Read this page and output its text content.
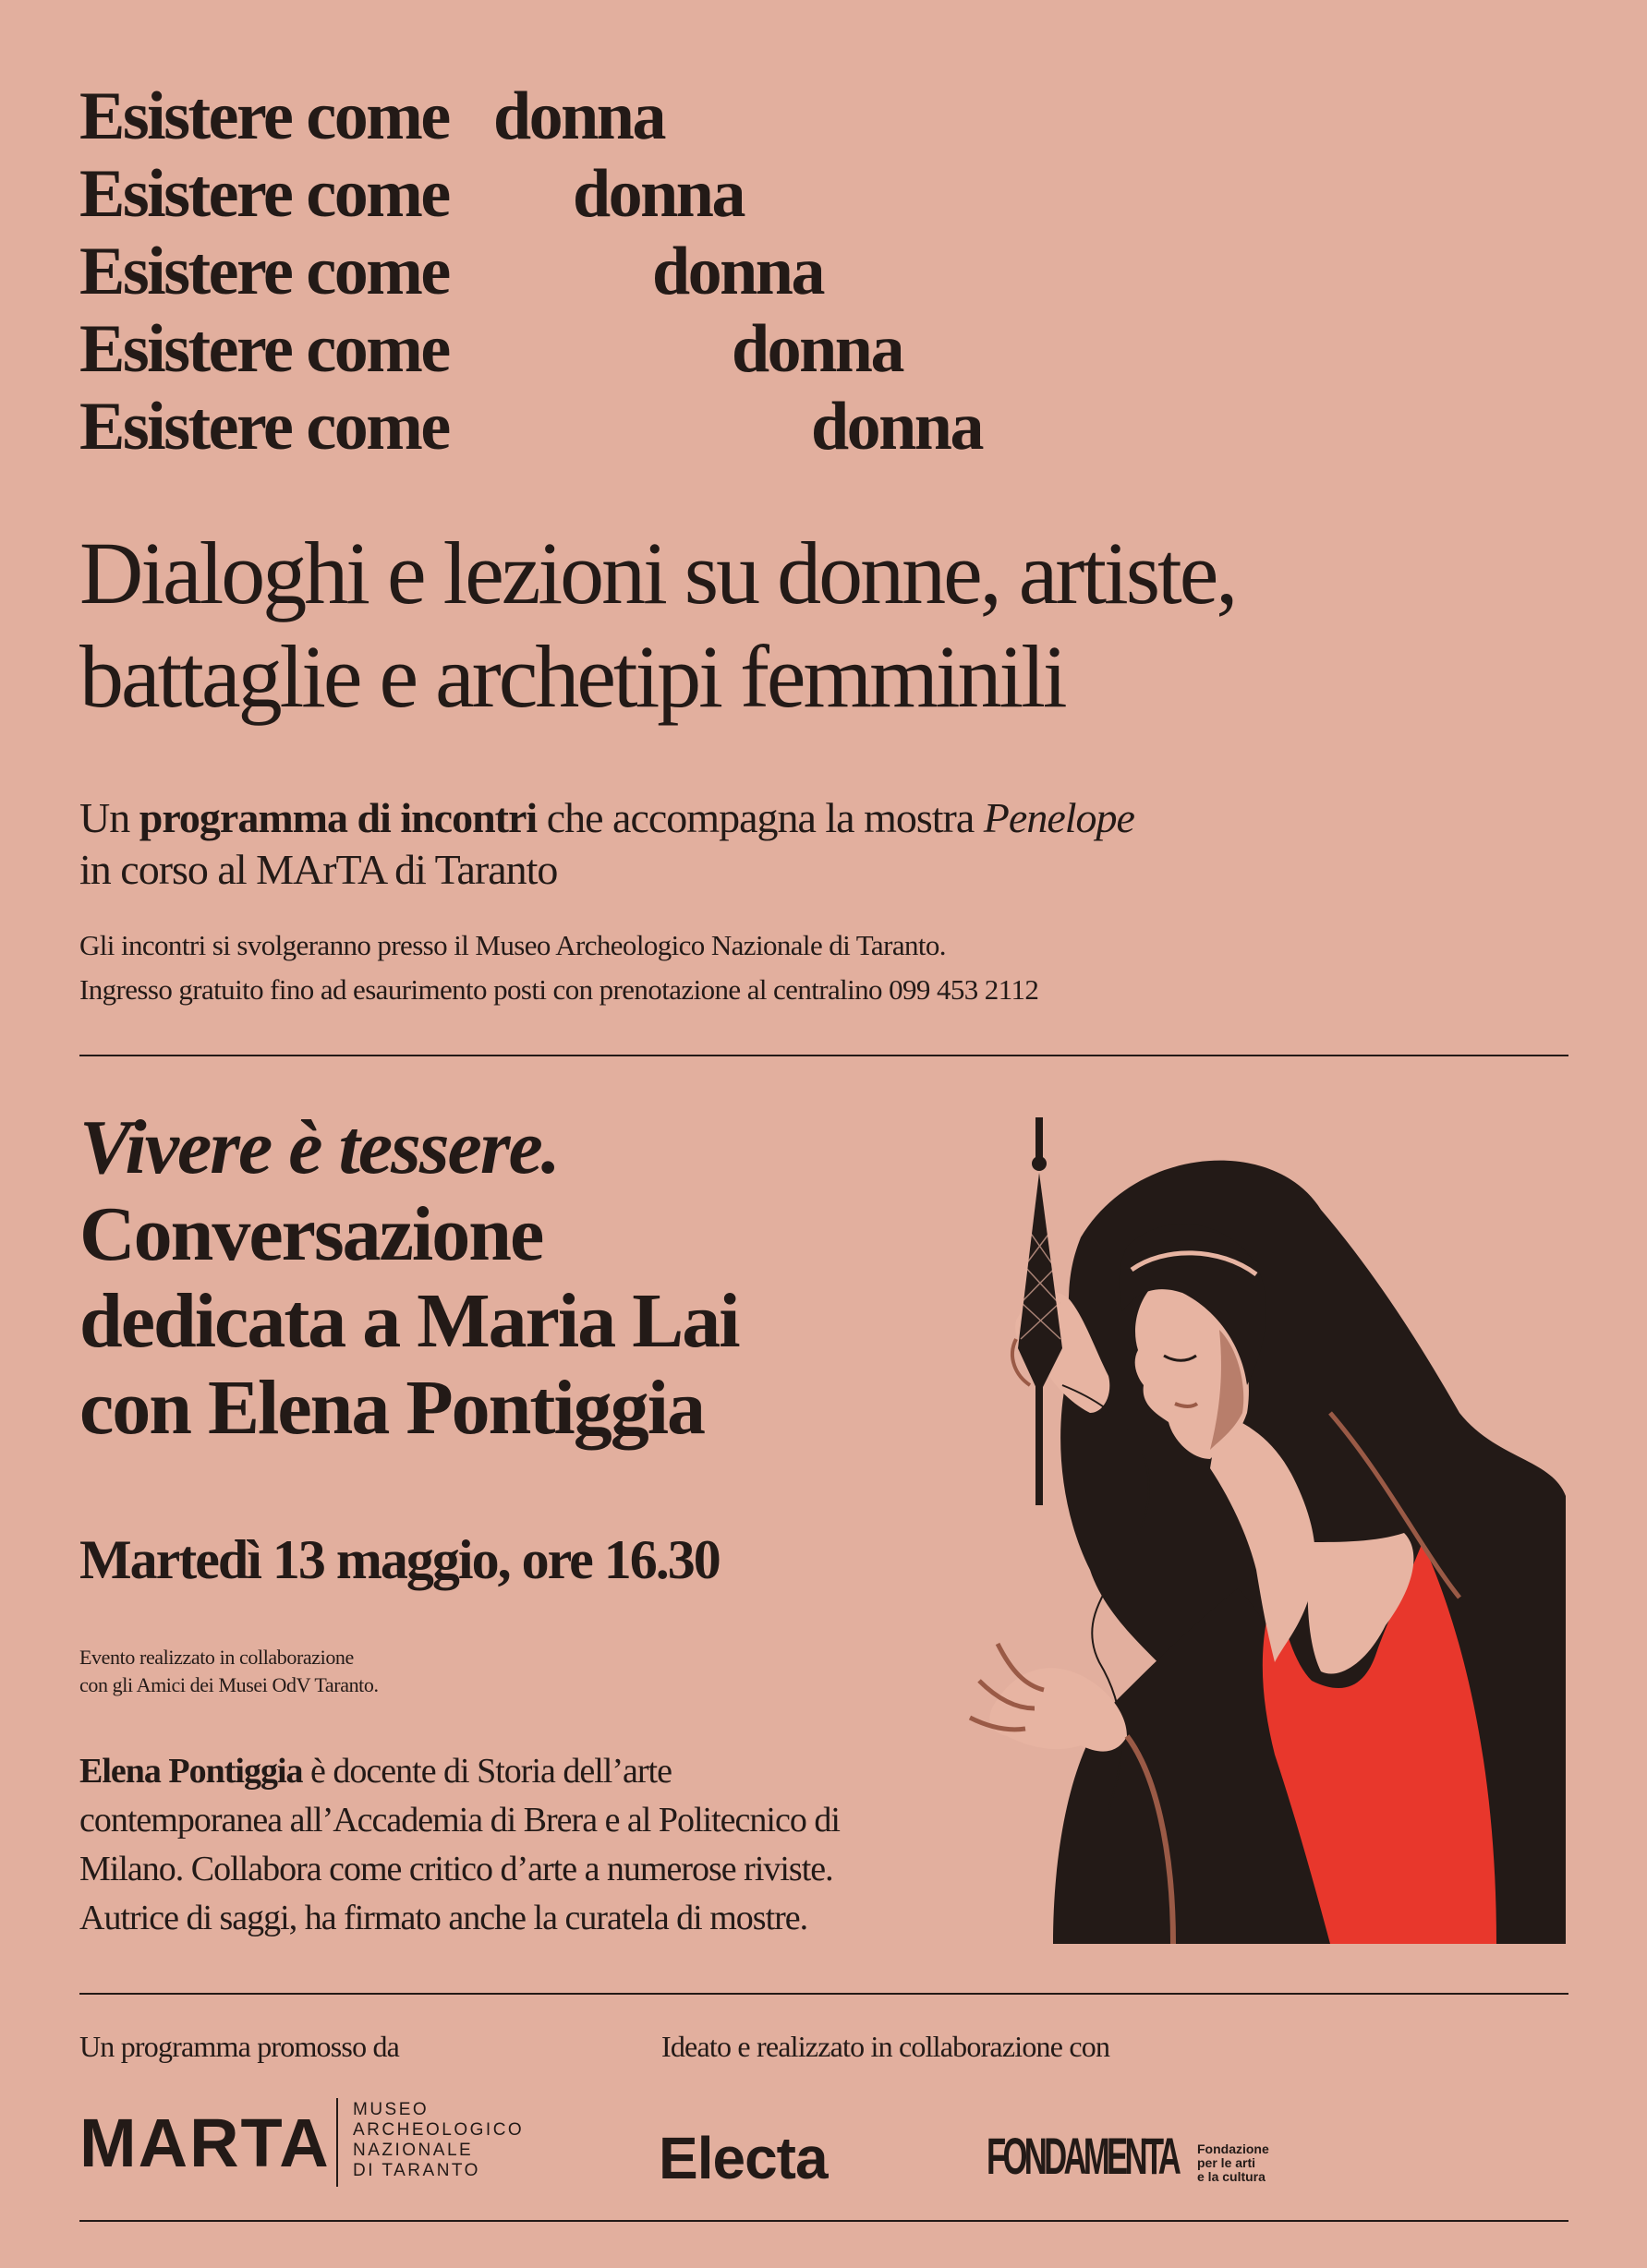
Esistere come donna
Esistere come donna
Esistere come	donna
Esistere come	donna
Esistere come	donna
Dialoghi e lezioni su donne, artiste,
battaglie e archetipi femminili
Un programma di incontri che accompagna la mostra Penelope
in corso al MArTA di Taranto
Gli incontri si svolgeranno presso il Museo Archeologico Nazionale di Taranto.
Ingresso gratuito fino ad esaurimento posti con prenotazione al centralino 099 453 2112
Vivere è tessere.
Conversazione
dedicata a Maria Lai
con Elena Pontiggia
Martedì 13 maggio, ore 16.30
Evento realizzato in collaborazione
con gli Amici dei Musei OdV Taranto.
Elena Pontiggia è docente di Storia dell’arte
contemporanea all’Accademia di Brera e al Politecnico di
Milano. Collabora come critico d’arte a numerose riviste.
Autrice di saggi, ha firmato anche la curatela di mostre.
Un programma promosso da	Ideato e realizzato in collaborazione con
MARTA MUSEO
ARCHEOLOGICO
NAZIONALE
DI TARANTO	Electa	FONDAMENTA Fondazione
per le arti
e la cultura
